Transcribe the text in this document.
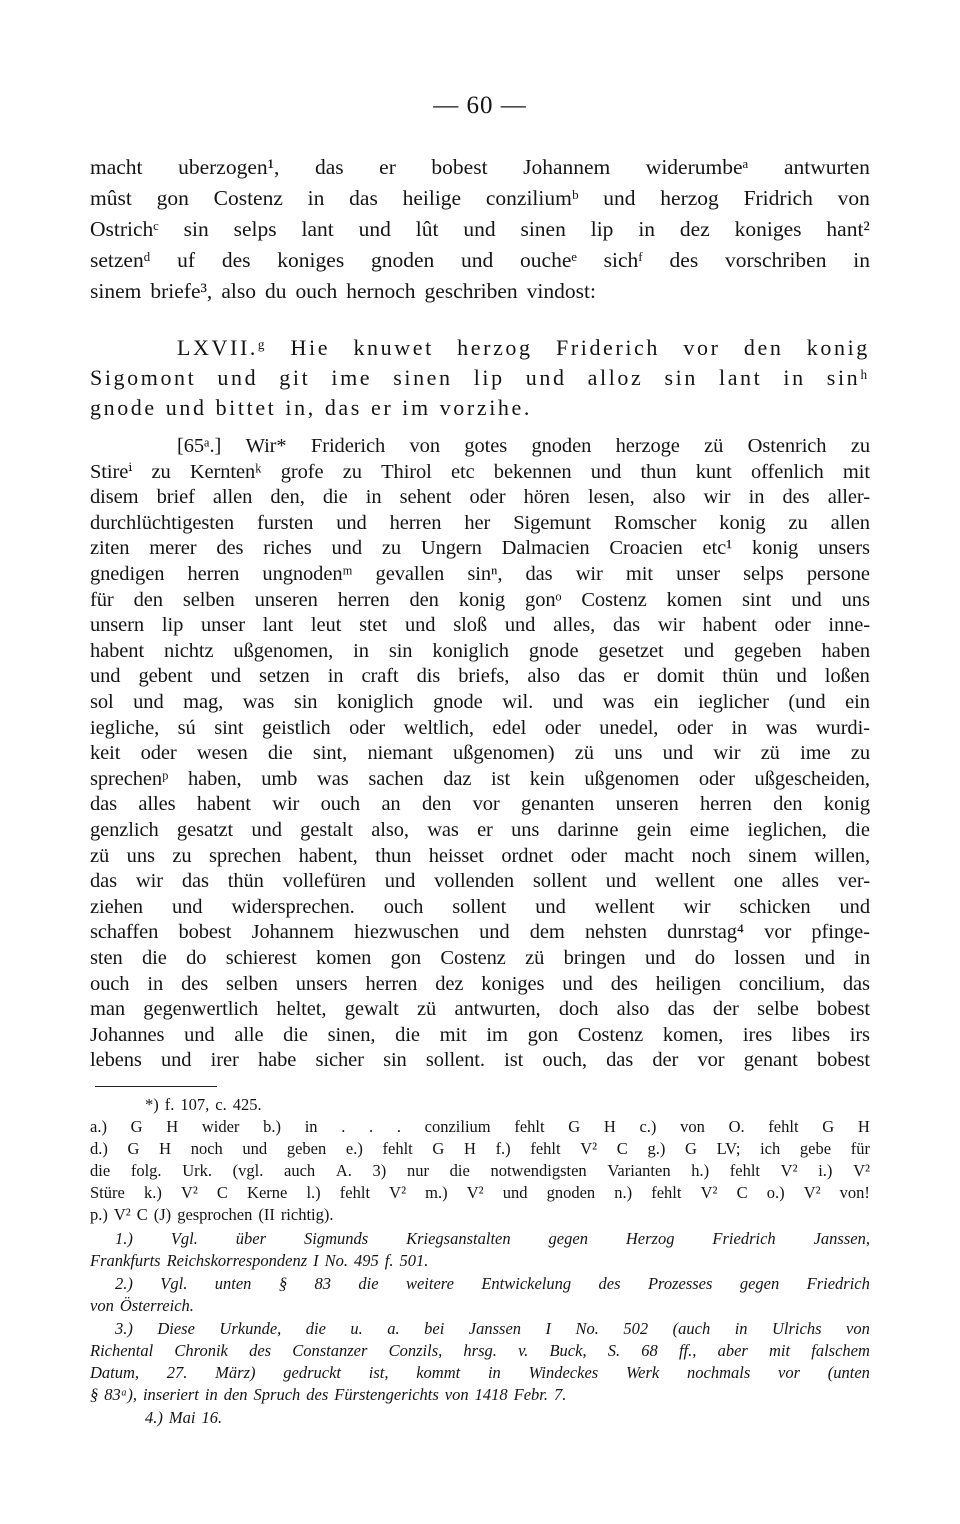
— 60 —
macht uberzogen¹, das er bobest Johannem widerumbeᵃ antwurten
mûst gon Costenz in das heilige conziliumᵇ und herzog Fridrich von
Ostrichᶜ sin selps lant und lût und sinen lip in dez koniges hant²
setzenᵈ uf des koniges gnoden und oucheᵉ sichᶠ des vorschriben in
sinem briefe³, also du ouch hernoch geschriben vindost:
LXVII.ᵍ Hie knuwet herzog Friderich vor den konig
Sigomont und git ime sinen lip und alloz sin lant in sinʰ
gnode und bittet in, das er im vorzihe.
[65ᵃ.] Wir* Friderich von gotes gnoden herzoge zü Ostenrich zu
Stireⁱ zu Kerntenᵏ grofe zu Thirol etc bekennen und thun kunt offenlich mit
disem brief allen den, die in sehent oder hören lesen, also wir in des aller-
durchlüchtigesten fursten und herren her Sigemunt Romscher konig zu allen
ziten merer des riches und zu Ungern Dalmacien Croacien etc¹ konig unsers
gnedigen herren ungnodenᵐ gevallen sinⁿ, das wir mit unser selps persone
für den selben unseren herren den konig gonᵒ Costenz komen sint und uns
unsern lip unser lant leut stet und sloß und alles, das wir habent oder inne-
habent nichtz ußgenomen, in sin koniglich gnode gesetzet und gegeben haben
und gebent und setzen in craft dis briefs, also das er domit thün und loßen
sol und mag, was sin koniglich gnode wil. und was ein ieglicher (und ein
iegliche, sú sint geistlich oder weltlich, edel oder unedel, oder in was wurdi-
keit oder wesen die sint, niemant ußgenomen) zü uns und wir zü ime zu
sprechenᵖ haben, umb was sachen daz ist kein ußgenomen oder ußgescheiden,
das alles habent wir ouch an den vor genanten unseren herren den konig
genzlich gesatzt und gestalt also, was er uns darinne gein eime ieglichen, die
zü uns zu sprechen habent, thun heisset ordnet oder macht noch sinem willen,
das wir das thün vollefüren und vollenden sollent und wellent one alles ver-
ziehen und widersprechen. ouch sollent und wellent wir schicken und
schaffen bobest Johannem hiezwuschen und dem nehsten dunrstag⁴ vor pfinge-
sten die do schierest komen gon Costenz zü bringen und do lossen und in
ouch in des selben unsers herren dez koniges und des heiligen concilium, das
man gegenwertlich heltet, gewalt zü antwurten, doch also das der selbe bobest
Johannes und alle die sinen, die mit im gon Costenz komen, ires libes irs
lebens und irer habe sicher sin sollent. ist ouch, das der vor genant bobest
*) f. 107, c. 425.
a.) G H wider b.) in . . . conzilium fehlt G H c.) von O. fehlt G H
d.) G H noch und geben e.) fehlt G H f.) fehlt V² C g.) G LV; ich gebe für
die folg. Urk. (vgl. auch A. 3) nur die notwendigsten Varianten h.) fehlt V² i.) V²
Stüre k.) V² C Kerne l.) fehlt V² m.) V² und gnoden n.) fehlt V² C o.) V² von!
p.) V² C (J) gesprochen (II richtig).
1.) Vgl. über Sigmunds Kriegsanstalten gegen Herzog Friedrich Janssen,
Frankfurts Reichskorrespondenz I No. 495 f. 501.
2.) Vgl. unten § 83 die weitere Entwickelung des Prozesses gegen Friedrich
von Österreich.
3.) Diese Urkunde, die u. a. bei Janssen I No. 502 (auch in Ulrichs von
Richental Chronik des Constanzer Conzils, hrsg. v. Buck, S. 68 ff., aber mit falschem
Datum, 27. März) gedruckt ist, kommt in Windeckes Werk nochmals vor (unten
§ 83ᵃ), inseriert in den Spruch des Fürstengerichts von 1418 Febr. 7.
4.) Mai 16.
